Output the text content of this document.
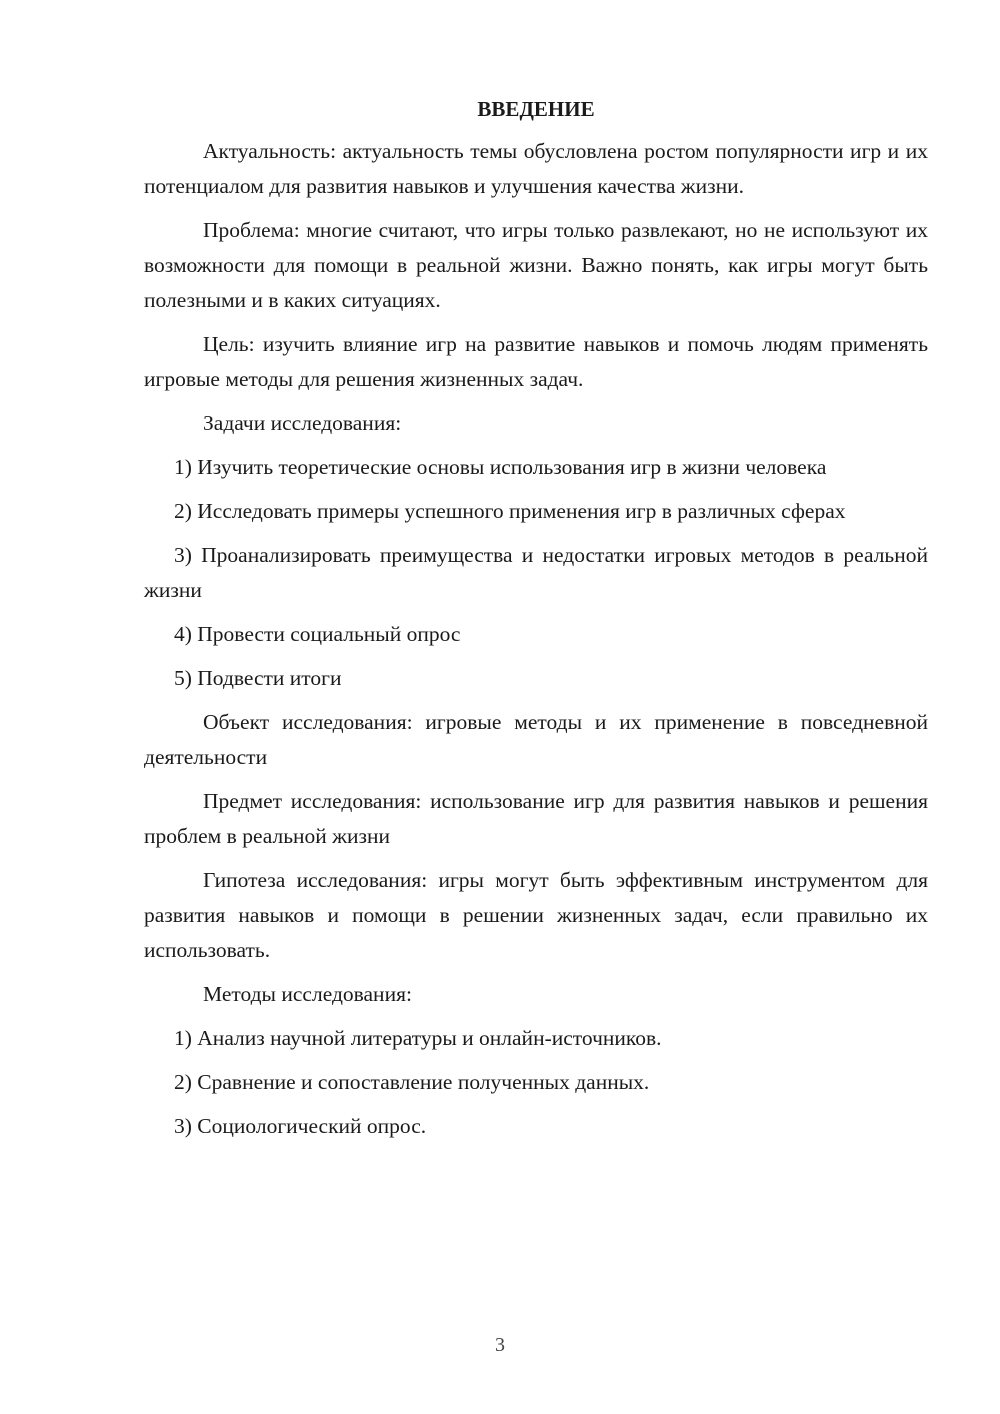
ВВЕДЕНИЕ

Актуальность: актуальность темы обусловлена ростом популярности игр и их потенциалом для развития навыков и улучшения качества жизни.

Проблема: многие считают, что игры только развлекают, но не используют их возможности для помощи в реальной жизни. Важно понять, как игры могут быть полезными и в каких ситуациях.

Цель: изучить влияние игр на развитие навыков и помочь людям применять игровые методы для решения жизненных задач.

Задачи исследования:

1) Изучить теоретические основы использования игр в жизни человека

2) Исследовать примеры успешного применения игр в различных сферах

3) Проанализировать преимущества и недостатки игровых методов в реальной жизни

4) Провести социальный опрос

5) Подвести итоги

Объект исследования: игровые методы и их применение в повседневной деятельности

Предмет исследования: использование игр для развития навыков и решения проблем в реальной жизни

Гипотеза исследования: игры могут быть эффективным инструментом для развития навыков и помощи в решении жизненных задач, если правильно их использовать.

Методы исследования:

1) Анализ научной литературы и онлайн-источников.

2) Сравнение и сопоставление полученных данных.

3) Социологический опрос.

3
